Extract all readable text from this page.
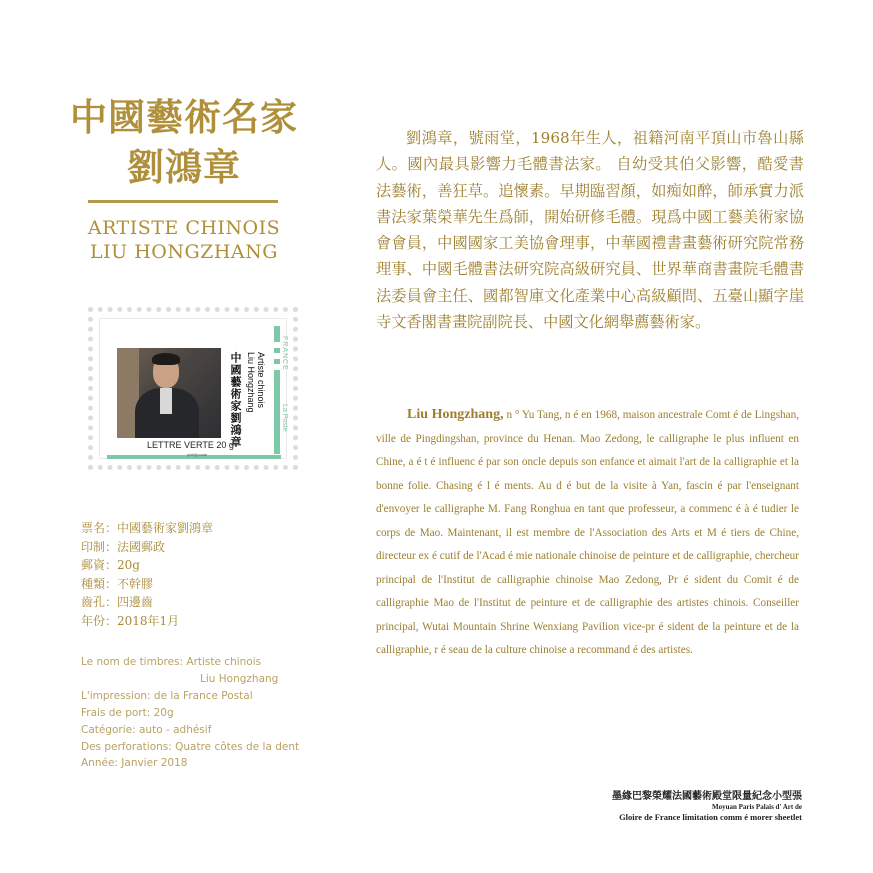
中國藝術名家
劉鴻章
ARTISTE CHINOIS
LIU HONGZHANG
中國藝術家劉鴻章	Artiste chinois
Liu Hongzhang	FRANCE
La Poste
LETTRE VERTE 20 g
phil@poste
票名：中國藝術家劉鴻章
印制：法國郵政
郵資：20g
種類：不幹膠
齒孔：四邊齒
年份：2018年1月
Le nom de timbres: Artiste chinois
Liu Hongzhang
L'impression: de la France Postal
Frais de port: 20g
Catégorie: auto - adhésif
Des perforations: Quatre côtes de la dent
Année: Janvier 2018

劉鴻章，號雨堂，1968年生人，祖籍河南平頂山市魯山縣人。國內最具影響力毛體書法家。 自幼受其伯父影響，酷愛書法藝術，善狂草。追懷素。早期臨習顏，如痴如醉，師承實力派書法家葉榮華先生爲師，開始研修毛體。現爲中國工藝美術家協會會員，中國國家工美協會理事，中華國禮書畫藝術研究院常務理事、中國毛體書法研究院高級研究員、世界華商書畫院毛體書法委員會主任、國都智庫文化產業中心高級顧問、五臺山顯字崖寺文香閣書畫院副院長、中國文化網舉薦藝術家。

Liu Hongzhang, n ° Yu Tang, n é en 1968, maison ancestrale Comt é de Lingshan, ville de Pingdingshan, province du Henan. Mao Zedong, le calligraphe le plus influent en Chine, a é t é influenc é par son oncle depuis son enfance et aimait l'art de la calligraphie et la bonne folie. Chasing é l é ments. Au d é but de la visite à Yan, fascin é par l'enseignant d'envoyer le calligraphe M. Fang Ronghua en tant que professeur, a commenc é à é tudier le corps de Mao. Maintenant, il est membre de l'Association des Arts et M é tiers de Chine, directeur ex é cutif de l'Acad é mie nationale chinoise de peinture et de calligraphie, chercheur principal de l'Institut de calligraphie chinoise Mao Zedong, Pr é sident du Comit é de calligraphie Mao de l'Institut de peinture et de calligraphie des artistes chinois. Conseiller principal, Wutai Mountain Shrine Wenxiang Pavilion vice-pr é sident de la peinture et de la calligraphie, r é seau de la culture chinoise a recommand é des artistes.

墨緣巴黎榮耀法國藝術殿堂限量紀念小型張
Moyuan Paris Palais d' Art de
Gloire de France limitation comm é morer sheetlet
